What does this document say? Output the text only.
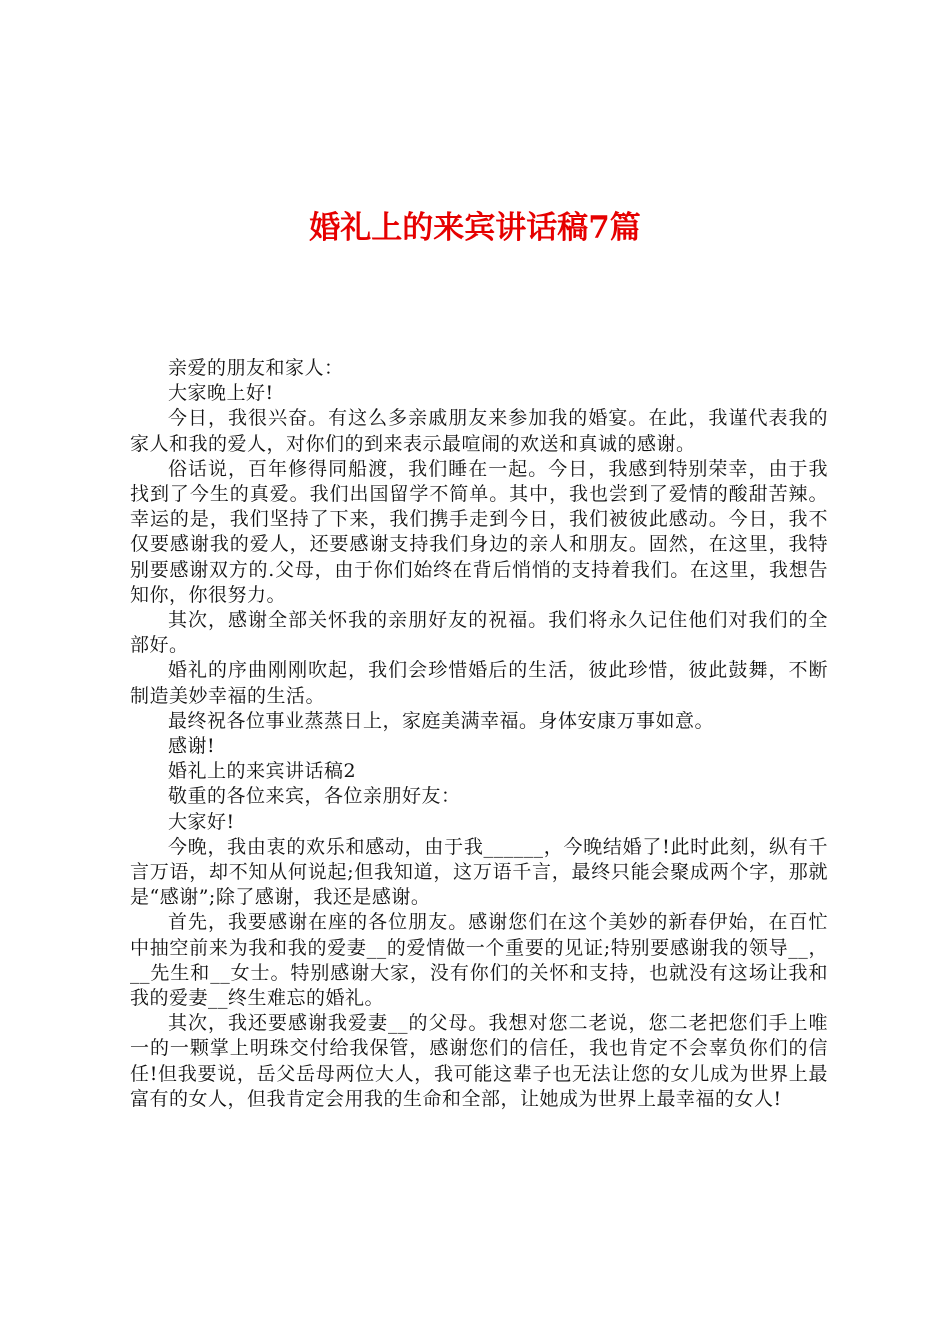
婚礼上的来宾讲话稿7篇

亲爱的朋友和家人：

大家晚上好!

今日，我很兴奋。有这么多亲戚朋友来参加我的婚宴。在此，我谨代表我的家人和我的爱人，对你们的到来表示最喧闹的欢送和真诚的感谢。

俗话说，百年修得同船渡，我们睡在一起。今日，我感到特别荣幸，由于我找到了今生的真爱。我们出国留学不简单。其中，我也尝到了爱情的酸甜苦辣。幸运的是，我们坚持了下来，我们携手走到今日，我们被彼此感动。今日，我不仅要感谢我的爱人，还要感谢支持我们身边的亲人和朋友。固然，在这里，我特别要感谢双方的.父母，由于你们始终在背后悄悄的支持着我们。在这里，我想告知你，你很努力。

其次，感谢全部关怀我的亲朋好友的祝福。我们将永久记住他们对我们的全部好。

婚礼的序曲刚刚吹起，我们会珍惜婚后的生活，彼此珍惜，彼此鼓舞，不断制造美妙幸福的生活。

最终祝各位事业蒸蒸日上，家庭美满幸福。身体安康万事如意。

感谢!

婚礼上的来宾讲话稿2

敬重的各位来宾，各位亲朋好友：

大家好!

今晚，我由衷的欢乐和感动，由于我______，今晚结婚了!此时此刻，纵有千言万语，却不知从何说起;但我知道，这万语千言，最终只能会聚成两个字，那就是“感谢”;除了感谢，我还是感谢。

首先，我要感谢在座的各位朋友。感谢您们在这个美妙的新春伊始，在百忙中抽空前来为我和我的爱妻__的爱情做一个重要的见证;特别要感谢我的领导__，__先生和__女士。特别感谢大家，没有你们的关怀和支持，也就没有这场让我和我的爱妻__终生难忘的婚礼。

其次，我还要感谢我爱妻__的父母。我想对您二老说，您二老把您们手上唯一的一颗掌上明珠交付给我保管，感谢您们的信任，我也肯定不会辜负你们的信任!但我要说，岳父岳母两位大人，我可能这辈子也无法让您的女儿成为世界上最富有的女人，但我肯定会用我的生命和全部，让她成为世界上最幸福的女人!
